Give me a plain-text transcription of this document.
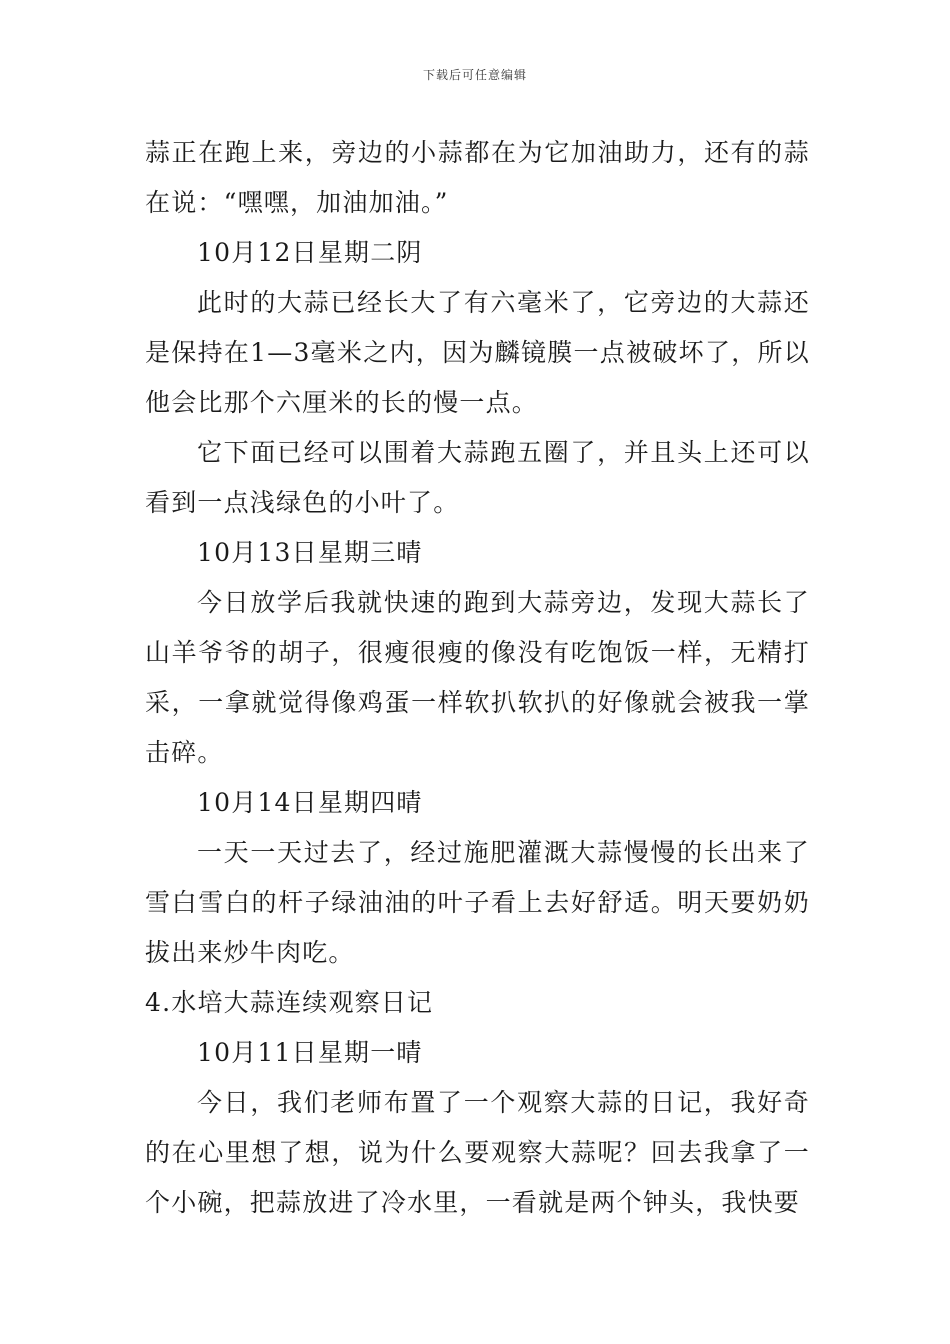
下载后可任意编辑

蒜正在跑上来，旁边的小蒜都在为它加油助力，还有的蒜在说：“嘿嘿，加油加油。”

10月12日星期二阴

此时的大蒜已经长大了有六毫米了，它旁边的大蒜还是保持在1—3毫米之内，因为麟镜膜一点被破坏了，所以他会比那个六厘米的长的慢一点。

它下面已经可以围着大蒜跑五圈了，并且头上还可以看到一点浅绿色的小叶了。

10月13日星期三晴

今日放学后我就快速的跑到大蒜旁边，发现大蒜长了山羊爷爷的胡子，很瘦很瘦的像没有吃饱饭一样，无精打采，一拿就觉得像鸡蛋一样软扒软扒的好像就会被我一掌击碎。

10月14日星期四晴

一天一天过去了，经过施肥灌溉大蒜慢慢的长出来了雪白雪白的杆子绿油油的叶子看上去好舒适。明天要奶奶拔出来炒牛肉吃。

4.水培大蒜连续观察日记

10月11日星期一晴

今日，我们老师布置了一个观察大蒜的日记，我好奇的在心里想了想，说为什么要观察大蒜呢？回去我拿了一个小碗，把蒜放进了冷水里，一看就是两个钟头，我快要
